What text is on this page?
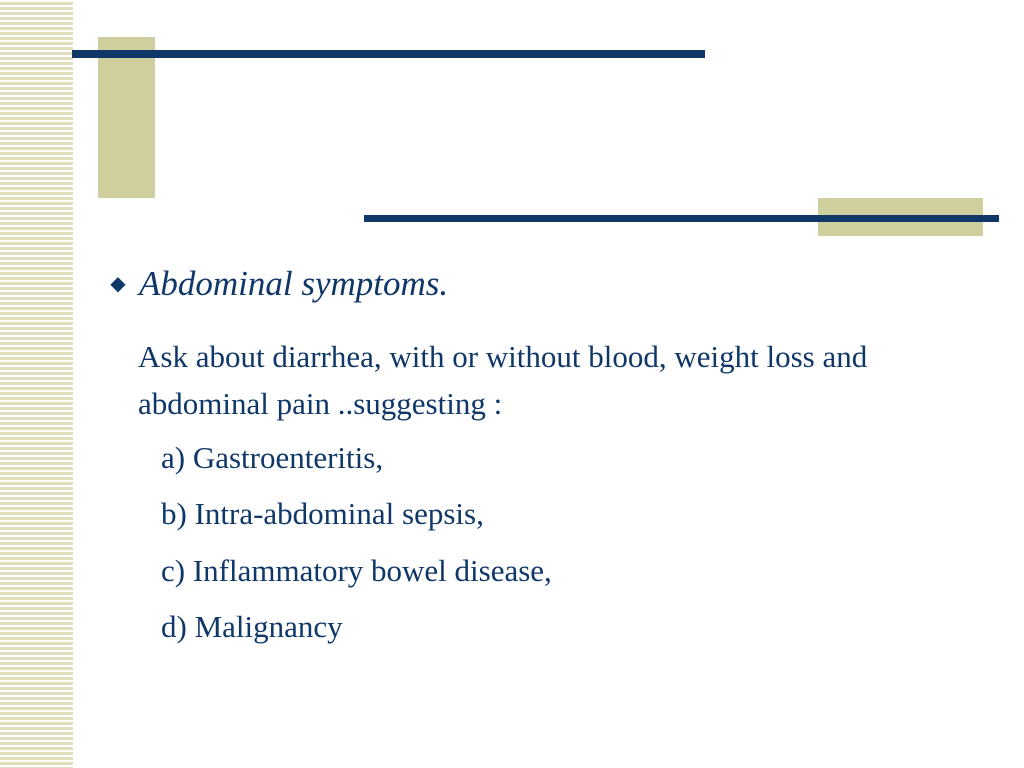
◆ Abdominal symptoms.
Ask about diarrhea, with or without blood, weight loss and abdominal pain ..suggesting :
a) Gastroenteritis,
b) Intra-abdominal sepsis,
c) Inflammatory bowel disease,
d) Malignancy
